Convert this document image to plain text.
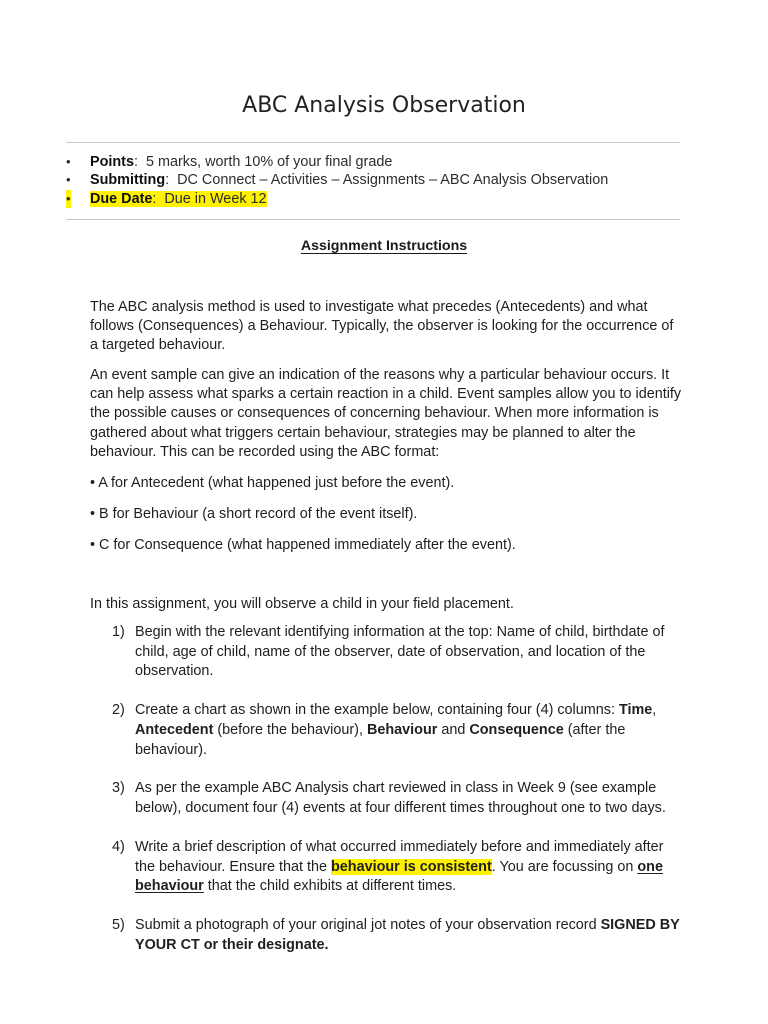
ABC Analysis Observation
• Points:  5 marks, worth 10% of your final grade
• Submitting:  DC Connect – Activities – Assignments – ABC Analysis Observation
• Due Date:  Due in Week 12
Assignment Instructions

The ABC analysis method is used to investigate what precedes (Antecedents) and what follows (Consequences) a Behaviour. Typically, the observer is looking for the occurrence of a targeted behaviour.

An event sample can give an indication of the reasons why a particular behaviour occurs. It can help assess what sparks a certain reaction in a child. Event samples allow you to identify the possible causes or consequences of concerning behaviour. When more information is gathered about what triggers certain behaviour, strategies may be planned to alter the behaviour. This can be recorded using the ABC format:

• A for Antecedent (what happened just before the event).
• B for Behaviour (a short record of the event itself).
• C for Consequence (what happened immediately after the event).
In this assignment, you will observe a child in your field placement.
1) Begin with the relevant identifying information at the top: Name of child, birthdate of child, age of child, name of the observer, date of observation, and location of the observation.
2) Create a chart as shown in the example below, containing four (4) columns: Time, Antecedent (before the behaviour), Behaviour and Consequence (after the behaviour).
3) As per the example ABC Analysis chart reviewed in class in Week 9 (see example below), document four (4) events at four different times throughout one to two days.
4) Write a brief description of what occurred immediately before and immediately after the behaviour. Ensure that the behaviour is consistent. You are focussing on one behaviour that the child exhibits at different times.
5) Submit a photograph of your original jot notes of your observation record SIGNED BY YOUR CT or their designate.
